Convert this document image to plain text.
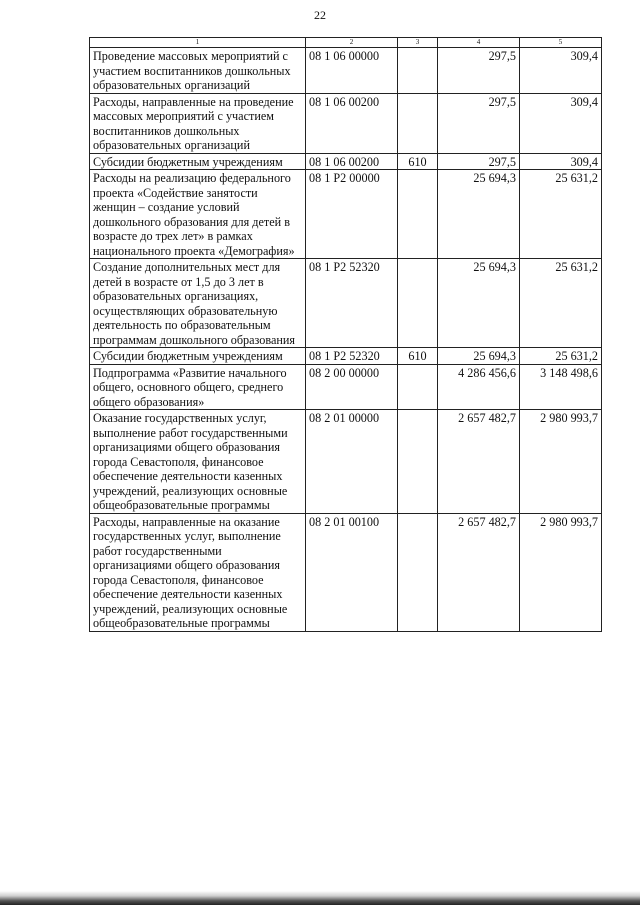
22
1	2	3	4	5
Проведение массовых мероприятий с участием воспитанников дошкольных образовательных организаций	08 1 06 00000		297,5	309,4
Расходы, направленные на проведение массовых мероприятий с участием воспитанников дошкольных образовательных организаций	08 1 06 00200		297,5	309,4
Субсидии бюджетным учреждениям	08 1 06 00200	610	297,5	309,4
Расходы на реализацию федерального проекта «Содействие занятости женщин – создание условий дошкольного образования для детей в возрасте до трех лет» в рамках национального проекта «Демография»	08 1 P2 00000		25 694,3	25 631,2
Создание дополнительных мест для детей в возрасте от 1,5 до 3 лет в образовательных организациях, осуществляющих образовательную деятельность по образовательным программам дошкольного образования	08 1 P2 52320		25 694,3	25 631,2
Субсидии бюджетным учреждениям	08 1 P2 52320	610	25 694,3	25 631,2
Подпрограмма «Развитие начального общего, основного общего, среднего общего образования»	08 2 00 00000		4 286 456,6	3 148 498,6
Оказание государственных услуг, выполнение работ государственными организациями общего образования города Севастополя, финансовое обеспечение деятельности казенных учреждений, реализующих основные общеобразовательные программы	08 2 01 00000		2 657 482,7	2 980 993,7
Расходы, направленные на оказание государственных услуг, выполнение работ государственными организациями общего образования города Севастополя, финансовое обеспечение деятельности казенных учреждений, реализующих основные общеобразовательные программы	08 2 01 00100		2 657 482,7	2 980 993,7
